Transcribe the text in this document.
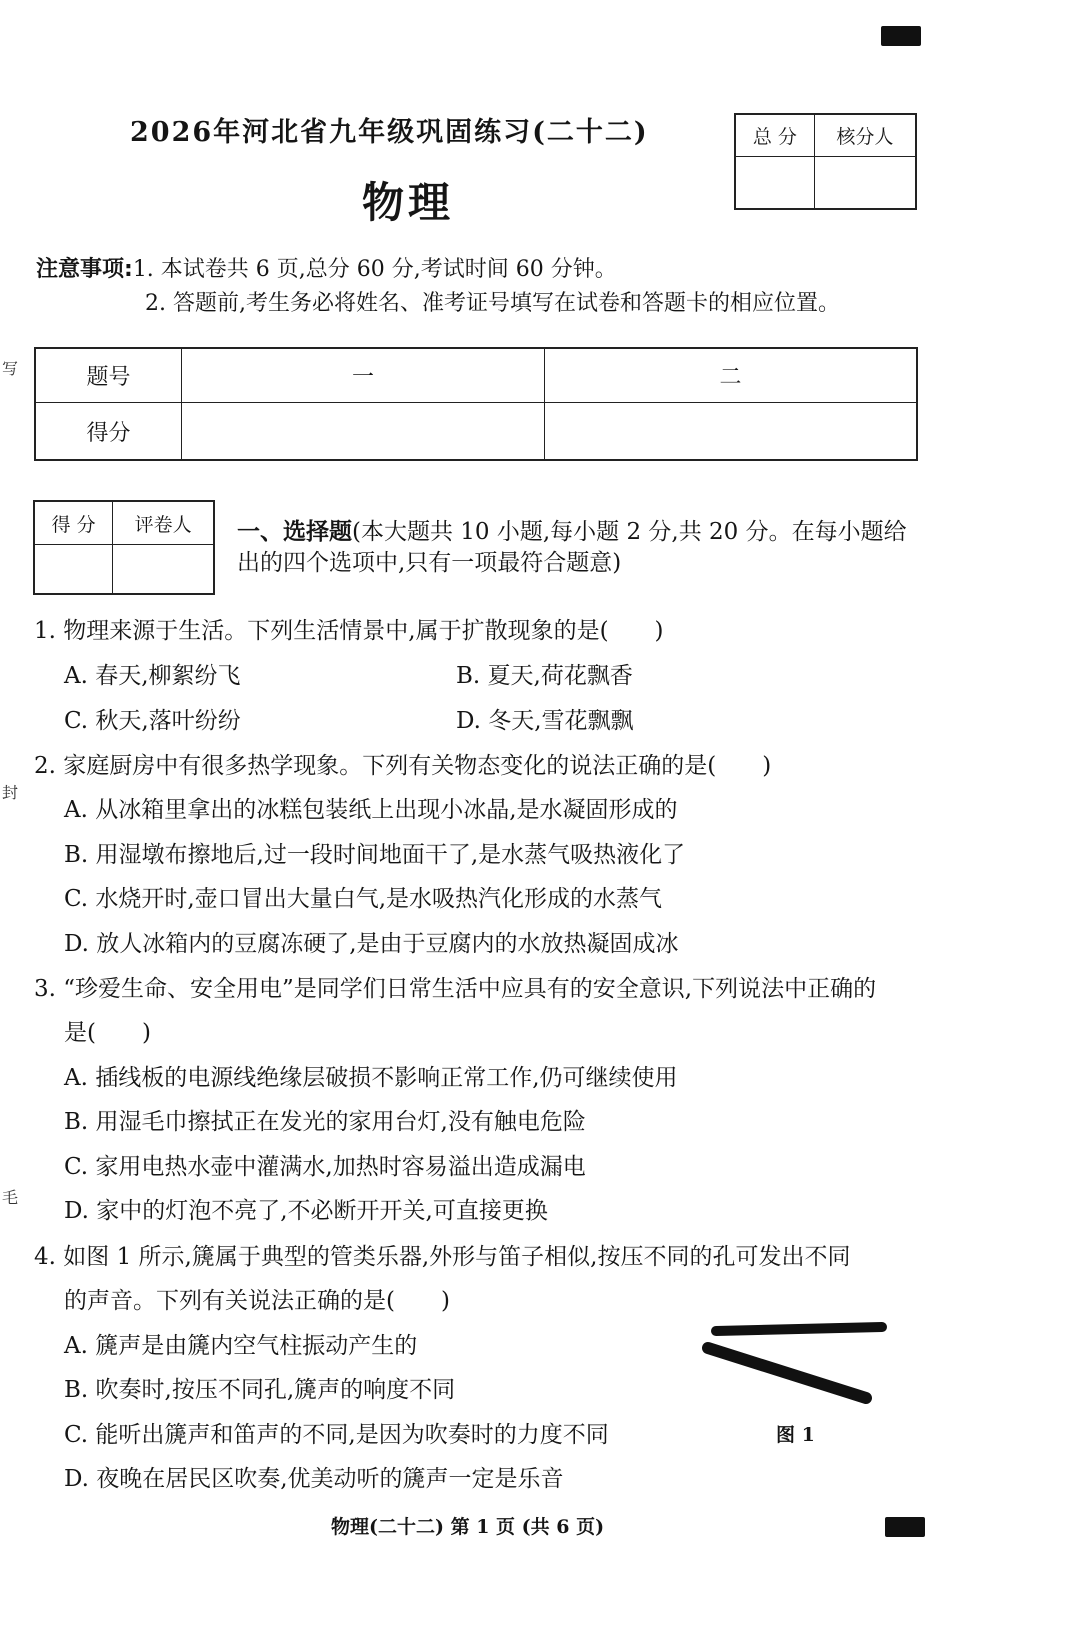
写
封
毛
2026年河北省九年级巩固练习(二十二)
物理
总 分	核分人

注意事项:1. 本试卷共 6 页,总分 60 分,考试时间 60 分钟。
2. 答题前,考生务必将姓名、准考证号填写在试卷和答题卡的相应位置。
题号	一	二
得分		
得 分	评卷人
	一、选择题(本大题共 10 小题,每小题 2 分,共 20 分。在每小题给
出的四个选项中,只有一项最符合题意)
1. 物理来源于生活。下列生活情景中,属于扩散现象的是(　　)
A. 春天,柳絮纷飞	B. 夏天,荷花飘香
C. 秋天,落叶纷纷	D. 冬天,雪花飘飘
2. 家庭厨房中有很多热学现象。下列有关物态变化的说法正确的是(　　)
A. 从冰箱里拿出的冰糕包装纸上出现小冰晶,是水凝固形成的
B. 用湿墩布擦地后,过一段时间地面干了,是水蒸气吸热液化了
C. 水烧开时,壶口冒出大量白气,是水吸热汽化形成的水蒸气
D. 放人冰箱内的豆腐冻硬了,是由于豆腐内的水放热凝固成冰
3. “珍爱生命、安全用电”是同学们日常生活中应具有的安全意识,下列说法中正确的
是(　　)
A. 插线板的电源线绝缘层破损不影响正常工作,仍可继续使用
B. 用湿毛巾擦拭正在发光的家用台灯,没有触电危险
C. 家用电热水壶中灌满水,加热时容易溢出造成漏电
D. 家中的灯泡不亮了,不必断开开关,可直接更换
4. 如图 1 所示,篪属于典型的管类乐器,外形与笛子相似,按压不同的孔可发出不同
的声音。下列有关说法正确的是(　　)
A. 篪声是由篪内空气柱振动产生的
B. 吹奏时,按压不同孔,篪声的响度不同
C. 能听出篪声和笛声的不同,是因为吹奏时的力度不同
D. 夜晚在居民区吹奏,优美动听的篪声一定是乐音
图 1
物理(二十二) 第 1 页 (共 6 页)
